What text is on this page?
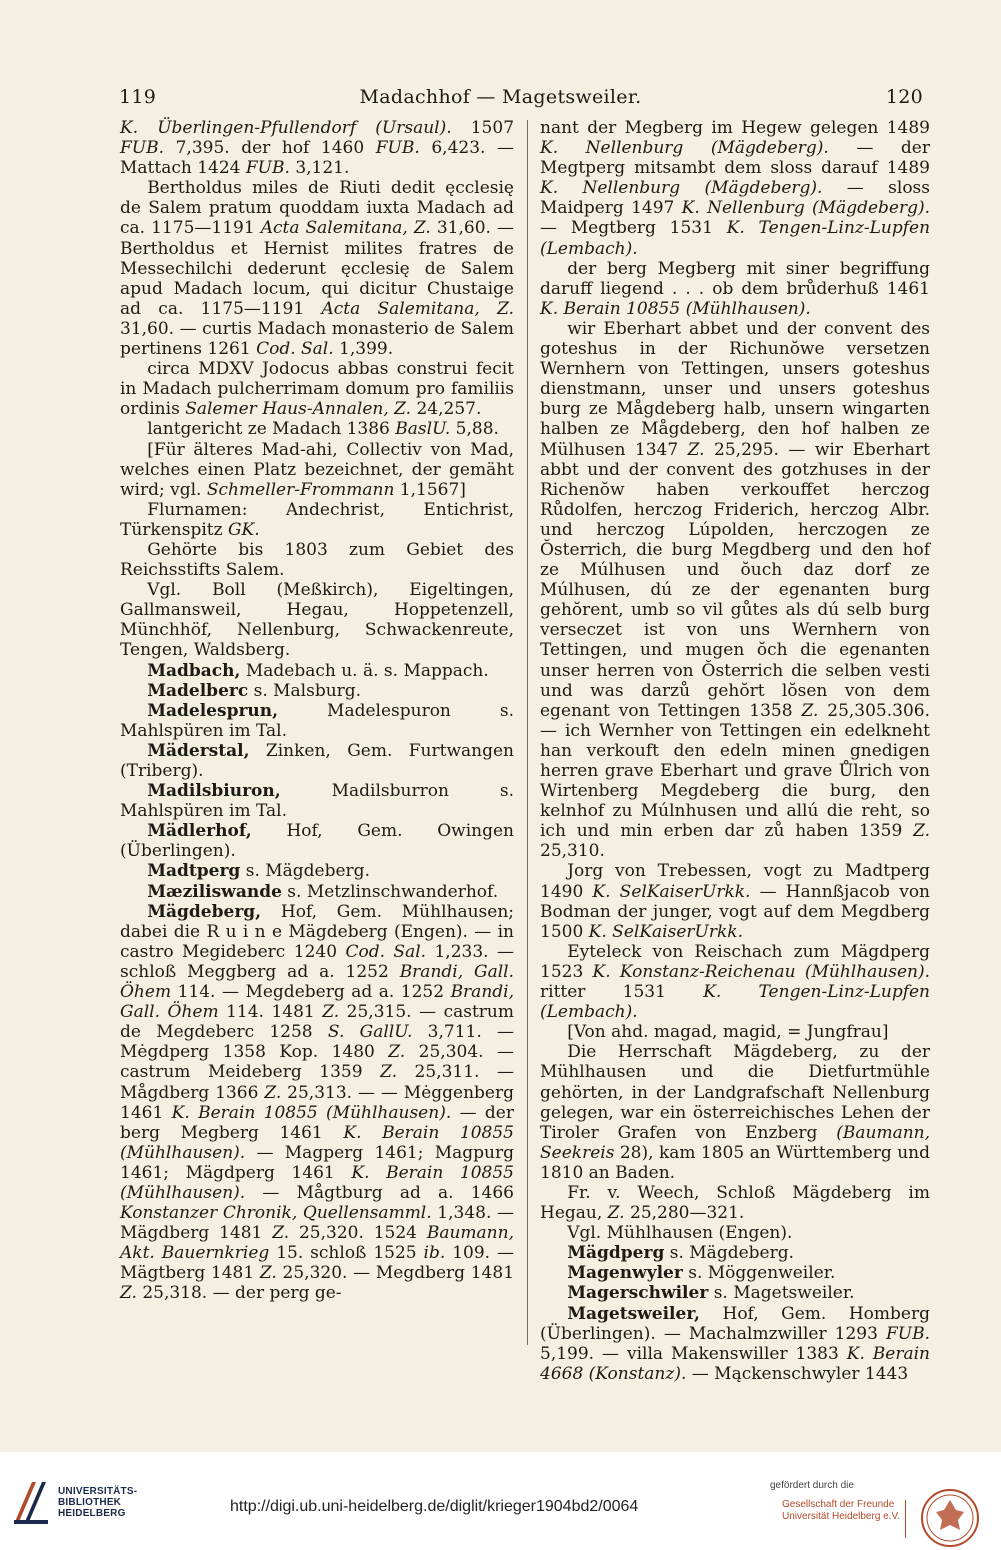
119	Madachhof — Magetsweiler.	120

K. Überlingen-Pfullendorf (Ursaul). 1507 FUB. 7,395. der hof 1460 FUB. 6,423. — Mattach 1424 FUB. 3,121.

Bertholdus miles de Riuti dedit ęcclesię de Salem pratum quoddam iuxta Madach ad ca. 1175—1191 Acta Salemitana, Z. 31,60. — Bertholdus et Hernist milites fratres de Messechilchi dederunt ęcclesię de Salem apud Madach locum, qui dicitur Chustaige ad ca. 1175—1191 Acta Salemitana, Z. 31,60. — curtis Madach monasterio de Salem pertinens 1261 Cod. Sal. 1,399.

circa MDXV Jodocus abbas construi fecit in Madach pulcherrimam domum pro familiis ordinis Salemer Haus-Annalen, Z. 24,257.

lantgericht ze Madach 1386 BaslU. 5,88.

[Für älteres Mad-ahi, Collectiv von Mad, welches einen Platz bezeichnet, der gemäht wird; vgl. Schmeller-Frommann 1,1567]

Flurnamen: Andechrist, Entichrist, Türkenspitz GK.

Gehörte bis 1803 zum Gebiet des Reichsstifts Salem.

Vgl. Boll (Meßkirch), Eigeltingen, Gallmansweil, Hegau, Hoppetenzell, Münchhöf, Nellenburg, Schwackenreute, Tengen, Waldsberg.

Madbach, Madebach u. ä. s. Mappach.

Madelberc s. Malsburg.

Madelesprun, Madelespuron s. Mahlspüren im Tal.

Mäderstal, Zinken, Gem. Furtwangen (Triberg).

Madilsbiuron, Madilsburron s. Mahlspüren im Tal.

Mädlerhof, Hof, Gem. Owingen (Überlingen).

Madtperg s. Mägdeberg.

Mæziliswande s. Metzlinschwanderhof.

Mägdeberg, Hof, Gem. Mühlhausen; dabei die R u i n e Mägdeberg (Engen). — in castro Megideberc 1240 Cod. Sal. 1,233. — schloß Meggberg ad a. 1252 Brandi, Gall. Öhem 114. — Megdeberg ad a. 1252 Brandi, Gall. Öhem 114. 1481 Z. 25,315. — castrum de Megdeberc 1258 S. GallU. 3,711. — Mėgdperg 1358 Kop. 1480 Z. 25,304. — castrum Meideberg 1359 Z. 25,311. — Mågdberg 1366 Z. 25,313. — — Mėggenberg 1461 K. Berain 10855 (Mühlhausen). — der berg Megberg 1461 K. Berain 10855 (Mühlhausen). — Magperg 1461; Magpurg 1461; Mägdperg 1461 K. Berain 10855 (Mühlhausen). — Mågtburg ad a. 1466 Konstanzer Chronik, Quellensamml. 1,348. — Mägdberg 1481 Z. 25,320. 1524 Baumann, Akt. Bauernkrieg 15. schloß 1525 ib. 109. — Mägtberg 1481 Z. 25,320. — Megdberg 1481 Z. 25,318. — der perg ge-

nant der Megberg im Hegew gelegen 1489 K. Nellenburg (Mägdeberg). — der Megtperg mitsambt dem sloss darauf 1489 K. Nellenburg (Mägdeberg). — sloss Maidperg 1497 K. Nellenburg (Mägdeberg). — Megtberg 1531 K. Tengen-Linz-Lupfen (Lembach).

der berg Megberg mit siner begriffung daruff liegend . . . ob dem brůderhuß 1461 K. Berain 10855 (Mühlhausen).

wir Eberhart abbet und der convent des goteshus in der Richunŏwe versetzen Wernhern von Tettingen, unsers goteshus dienstmann, unser und unsers goteshus burg ze Mågdeberg halb, unsern wingarten halben ze Mågdeberg, den hof halben ze Mülhusen 1347 Z. 25,295. — wir Eberhart abbt und der convent des gotzhuses in der Richenŏw haben verkouffet herczog Růdolfen, herczog Friderich, herczog Albr. und herczog Lúpolden, herczogen ze Ŏsterrich, die burg Megdberg und den hof ze Múlhusen und ŏuch daz dorf ze Múlhusen, dú ze der egenanten burg gehŏrent, umb so vil gůtes als dú selb burg verseczet ist von uns Wernhern von Tettingen, und mugen ŏch die egenanten unser herren von Ŏsterrich die selben vesti und was darzů gehŏrt lŏsen von dem egenant von Tettingen 1358 Z. 25,305.306. — ich Wernher von Tettingen ein edelkneht han verkouft den edeln minen gnedigen herren grave Eberhart und grave Ůlrich von Wirtenberg Megdeberg die burg, den kelnhof zu Múlnhusen und allú die reht, so ich und min erben dar zů haben 1359 Z. 25,310.

Jorg von Trebessen, vogt zu Madtperg 1490 K. SelKaiserUrkk. — Hannßjacob von Bodman der junger, vogt auf dem Megdberg 1500 K. SelKaiserUrkk.

Eyteleck von Reischach zum Mägdperg 1523 K. Konstanz-Reichenau (Mühlhausen). ritter 1531 K. Tengen-Linz-Lupfen (Lembach).

[Von ahd. magad, magid, = Jungfrau]

Die Herrschaft Mägdeberg, zu der Mühlhausen und die Dietfurtmühle gehörten, in der Landgrafschaft Nellenburg gelegen, war ein österreichisches Lehen der Tiroler Grafen von Enzberg (Baumann, Seekreis 28), kam 1805 an Württemberg und 1810 an Baden.

Fr. v. Weech, Schloß Mägdeberg im Hegau, Z. 25,280—321.

Vgl. Mühlhausen (Engen).

Mägdperg s. Mägdeberg.

Magenwyler s. Möggenweiler.

Magerschwiler s. Magetsweiler.

Magetsweiler, Hof, Gem. Homberg (Überlingen). — Machalmzwiller 1293 FUB. 5,199. — villa Makenswiller 1383 K. Berain 4668 (Konstanz). — Mąckenschwyler 1443

UNIVERSITÄTS-
BIBLIOTHEK
HEIDELBERG	http://digi.ub.uni-heidelberg.de/diglit/krieger1904bd2/0064
gefördert durch die
Gesellschaft der Freunde
Universität Heidelberg e.V.
